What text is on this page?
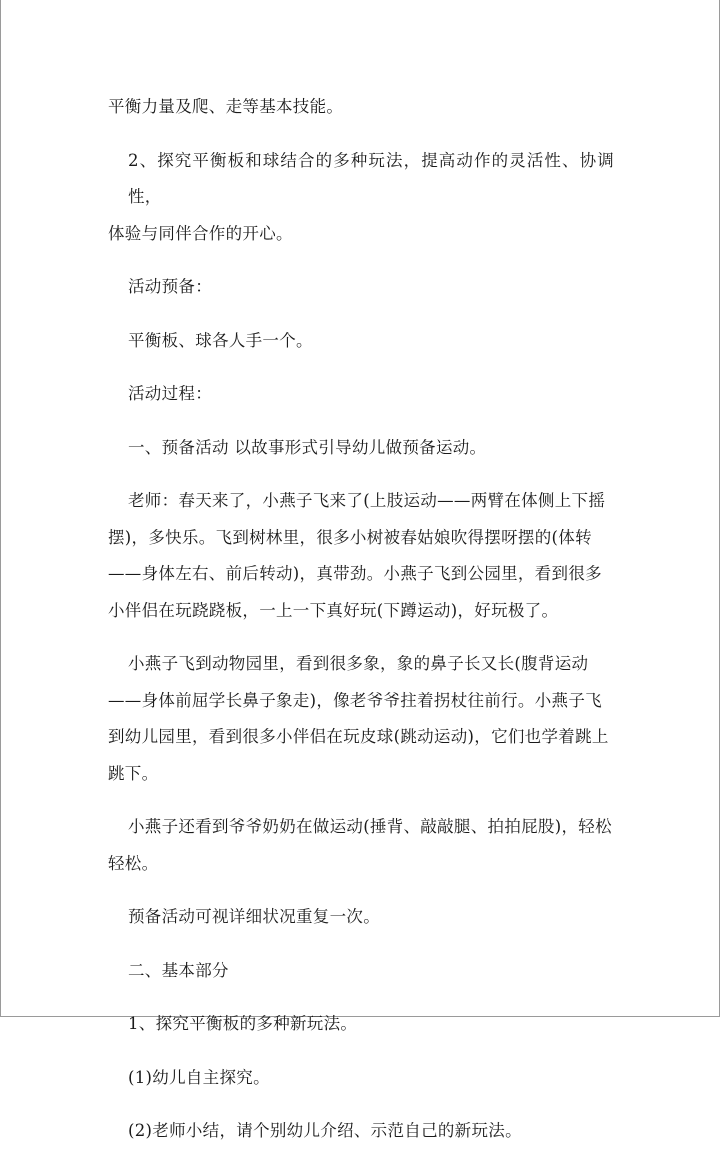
平衡力量及爬、走等基本技能。

2、探究平衡板和球结合的多种玩法，提高动作的灵活性、协调性，
体验与同伴合作的开心。

活动预备：

平衡板、球各人手一个。

活动过程：

一、预备活动 以故事形式引导幼儿做预备运动。

老师：春天来了，小燕子飞来了(上肢运动——两臂在体侧上下摇
摆)，多快乐。飞到树林里，很多小树被春姑娘吹得摆呀摆的(体转
——身体左右、前后转动)，真带劲。小燕子飞到公园里，看到很多
小伴侣在玩跷跷板，一上一下真好玩(下蹲运动)，好玩极了。

小燕子飞到动物园里，看到很多象，象的鼻子长又长(腹背运动
——身体前屈学长鼻子象走)，像老爷爷拄着拐杖往前行。小燕子飞
到幼儿园里，看到很多小伴侣在玩皮球(跳动运动)，它们也学着跳上
跳下。

小燕子还看到爷爷奶奶在做运动(捶背、敲敲腿、拍拍屁股)，轻松
轻松。

预备活动可视详细状况重复一次。

二、基本部分

1、探究平衡板的多种新玩法。

(1)幼儿自主探究。

(2)老师小结，请个别幼儿介绍、示范自己的新玩法。
